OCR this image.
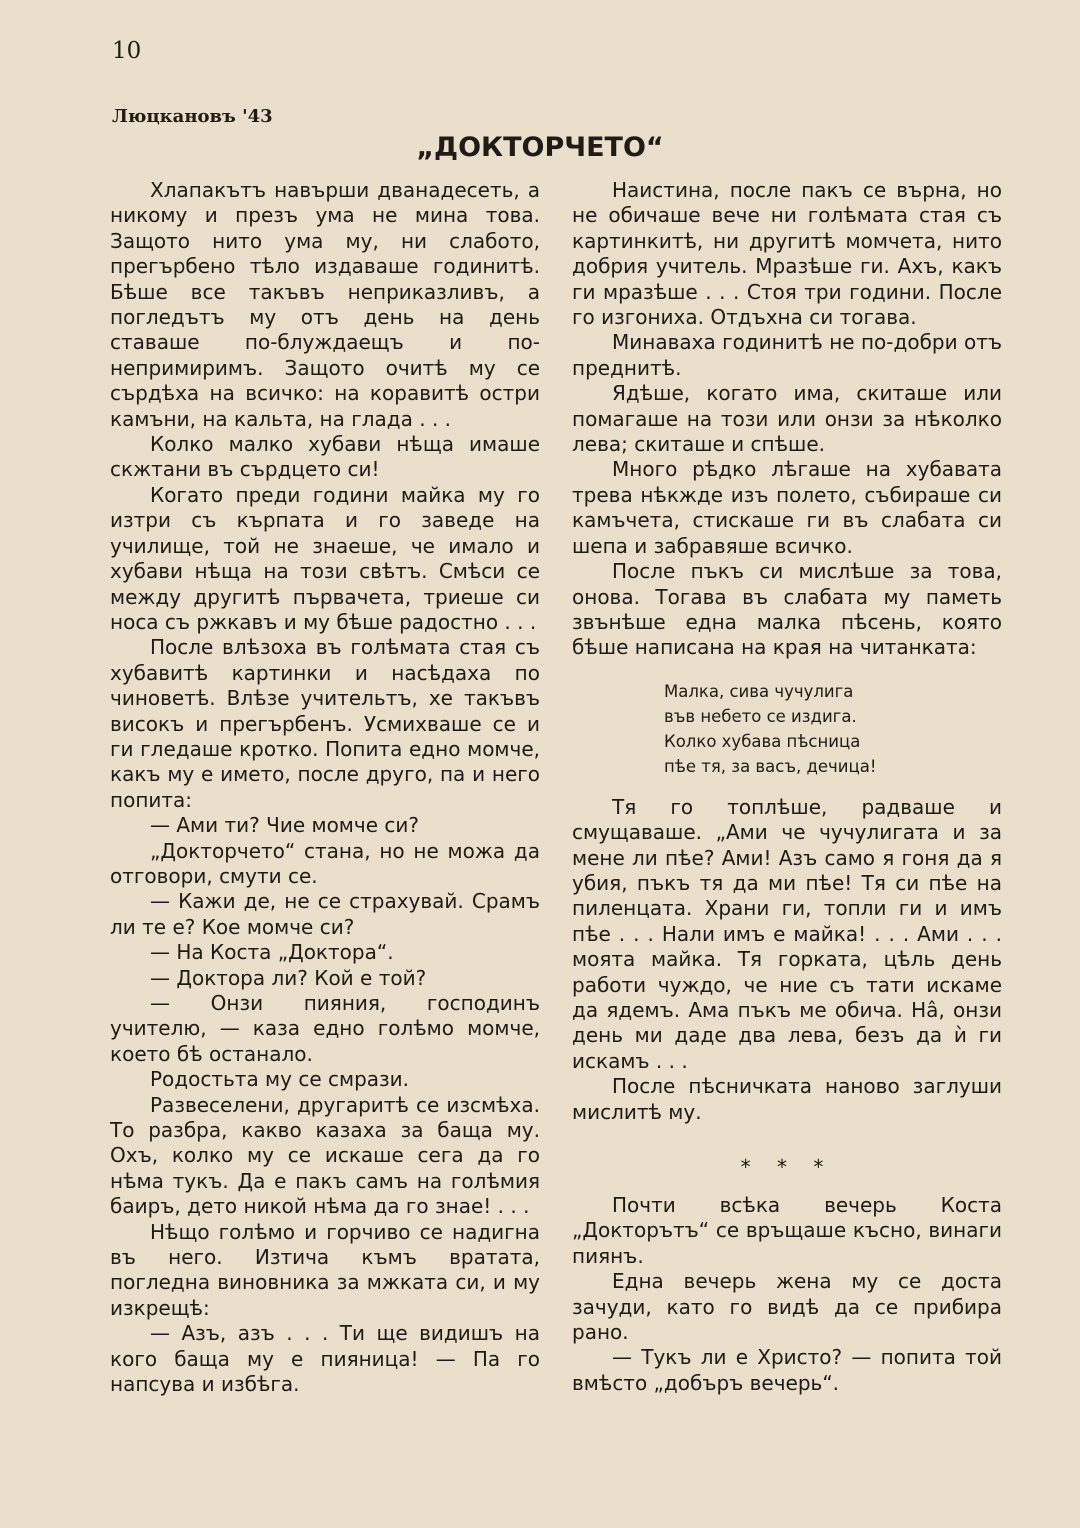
10
Люцкановъ '43
„ДОКТОРЧЕТО“

Хлапакътъ навърши дванадесеть, а никому и презъ ума не мина това. Защото нито ума му, ни слабото, прегърбено тѣло издаваше годинитѣ. Бѣше все такъвъ неприказливъ, а погледътъ му отъ день на день ставаше по-блуждаещъ и по-непримиримъ. Защото очитѣ му се сърдѣха на всичко: на коравитѣ остри камъни, на кальта, на глада . . .

Колко малко хубави нѣща имаше скжтани въ сърдцето си!

Когато преди години майка му го изтри съ кърпата и го заведе на училище, той не знаеше, че имало и хубави нѣща на този свѣтъ. Смѣси се между другитѣ първачета, триеше си носа съ ржкавъ и му бѣше радостно . . .

После влѣзоха въ голѣмата стая съ хубавитѣ картинки и насѣдаха по чиноветѣ. Влѣзе учительтъ, хе такъвъ високъ и прегърбенъ. Усмихваше се и ги гледаше кротко. Попита едно момче, какъ му е името, после друго, па и него попита:

— Ами ти? Чие момче си?

„Докторчето“ стана, но не можа да отговори, смути се.

— Кажи де, не се страхувай. Срамъ ли те е? Кое момче си?

— На Коста „Доктора“.

— Доктора ли? Кой е той?

— Онзи пияния, господинъ учителю, — каза едно голѣмо момче, което бѣ останало.

Родостьта му се смрази.

Развеселени, другаритѣ се изсмѣха. То разбра, какво казаха за баща му. Охъ, колко му се искаше сега да го нѣма тукъ. Да е пакъ самъ на голѣмия баиръ, дето никой нѣма да го знае! . . .

Нѣщо голѣмо и горчиво се надигна въ него. Изтича къмъ вратата, погледна виновника за мжката си, и му изкрещѣ:

— Азъ, азъ . . . Ти ще видишъ на кого баща му е пияница! — Па го напсува и избѣга.

Наистина, после пакъ се върна, но не обичаше вече ни голѣмата стая съ картинкитѣ, ни другитѣ момчета, нито добрия учитель. Мразѣше ги. Ахъ, какъ ги мразѣше . . . Стоя три години. После го изгониха. Отдъхна си тогава.

Минаваха годинитѣ не по-добри отъ преднитѣ.

Ядѣше, когато има, скиташе или помагаше на този или онзи за нѣколко лева; скиташе и спѣше.

Много рѣдко лѣгаше на хубавата трева нѣкжде изъ полето, събираше си камъчета, стискаше ги въ слабата си шепа и забравяше всичко.

После пъкъ си мислѣше за това, онова. Тогава въ слабата му паметь звънѣше една малка пѣсень, която бѣше написана на края на читанката:

Малка, сива чучулига
във небето се издига.
Колко хубава пѣсница
пѣе тя, за васъ, дечица!

Тя го топлѣше, радваше и смущаваше. „Ами че чучулигата и за мене ли пѣе? Ами! Азъ само я гоня да я убия, пъкъ тя да ми пѣе! Тя си пѣе на пиленцата. Храни ги, топли ги и имъ пѣе . . . Нали имъ е майка! . . . Ами . . . моята майка. Тя горката, цѣль день работи чуждо, че ние съ тати искаме да ядемъ. Ама пъкъ ме обича. Нâ, онзи день ми даде два лева, безъ да ѝ ги искамъ . . .

После пѣсничката наново заглуши мислитѣ му.

* * *

Почти всѣка вечерь Коста „Докторътъ“ се връщаше късно, винаги пиянъ.

Една вечерь жена му се доста зачуди, като го видѣ да се прибира рано.

— Тукъ ли е Христо? — попита той вмѣсто „добъръ вечерь“.
